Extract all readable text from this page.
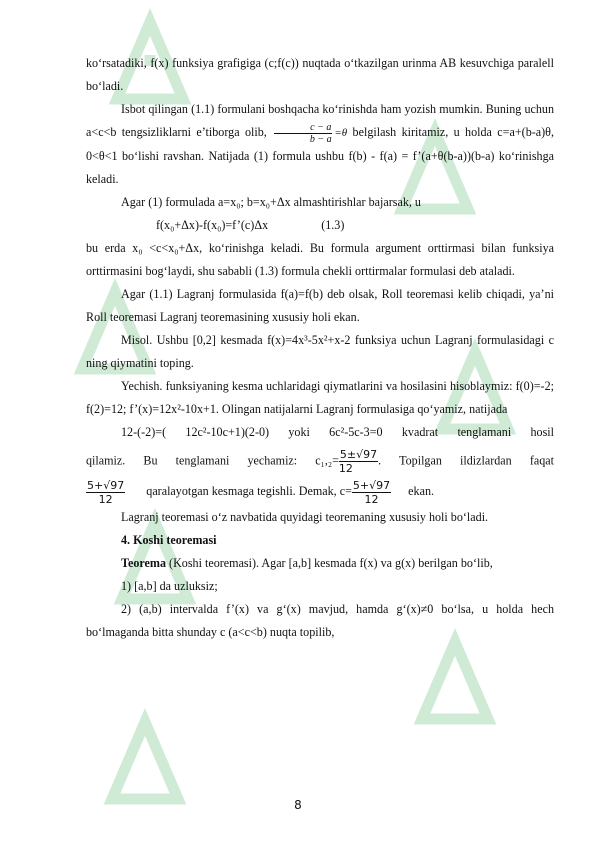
ko‘rsatadiki, f(x) funksiya grafigiga (c;f(c)) nuqtada o‘tkazilgan urinma AB kesuvchiga paralell bo‘ladi.

Isbot qilingan (1.1) formulani boshqacha ko‘rinishda ham yozish mumkin. Buning uchun a<c<b tengsizliklarni e’tiborga olib, $\frac{c - a}{b - a} =\theta$ belgilash kiritamiz, u holda c=a+(b-a)θ, 0<θ<1 bo‘lishi ravshan. Natijada (1) formula ushbu f(b) - f(a) = f’(a+θ(b-a))(b-a) ko‘rinishga keladi.

Agar (1) formulada a=x₀; b=x₀+Δx almashtirishlar bajarsak, u

f(x₀+Δx)-f(x₀)=f’(c)Δx	(1.3)

bu erda x₀ <c<x₀+Δx, ko‘rinishga keladi. Bu formula argument orttirmasi bilan funksiya orttirmasini bog‘laydi, shu sababli (1.3) formula chekli orttirmalar formulasi deb ataladi.

Agar (1.1) Lagranj formulasida f(a)=f(b) deb olsak, Roll teoremasi kelib chiqadi, ya’ni Roll teoremasi Lagranj teoremasining xususiy holi ekan.

Misol. Ushbu [0,2] kesmada f(x)=4x³-5x²+x-2 funksiya uchun Lagranj formulasidagi c ning qiymatini toping.

Yechish. funksiyaning kesma uchlaridagi qiymatlarini va hosilasini hisoblaymiz: f(0)=-2; f(2)=12; f’(x)=12x²-10x+1. Olingan natijalarni Lagranj formulasiga qo‘yamiz, natijada

12-(-2)=( 12c²-10c+1)(2-0) yoki 6c²-5c-3=0 kvadrat tenglamani hosil

qilamiz. Bu tenglamani yechamiz: $c_1,_2= \frac{5\pm√97}{12}$. Topilgan ildizlardan faqat

$\frac{5+√97}{12}$ qaralayotgan kesmaga tegishli. Demak, $c= \frac{5+√97}{12}$ ekan.

Lagranj teoremasi o‘z navbatida quyidagi teoremaning xususiy holi bo‘ladi.

4. Koshi teoremasi

Teorema (Koshi teoremasi). Agar [a,b] kesmada f(x) va g(x) berilgan bo‘lib,

1) [a,b] da uzluksiz;

2) (a,b) intervalda f’(x) va g‘(x) mavjud, hamda g‘(x)≠0 bo‘lsa, u holda hech bo‘lmaganda bitta shunday c (a<c<b) nuqta topilib,

8
